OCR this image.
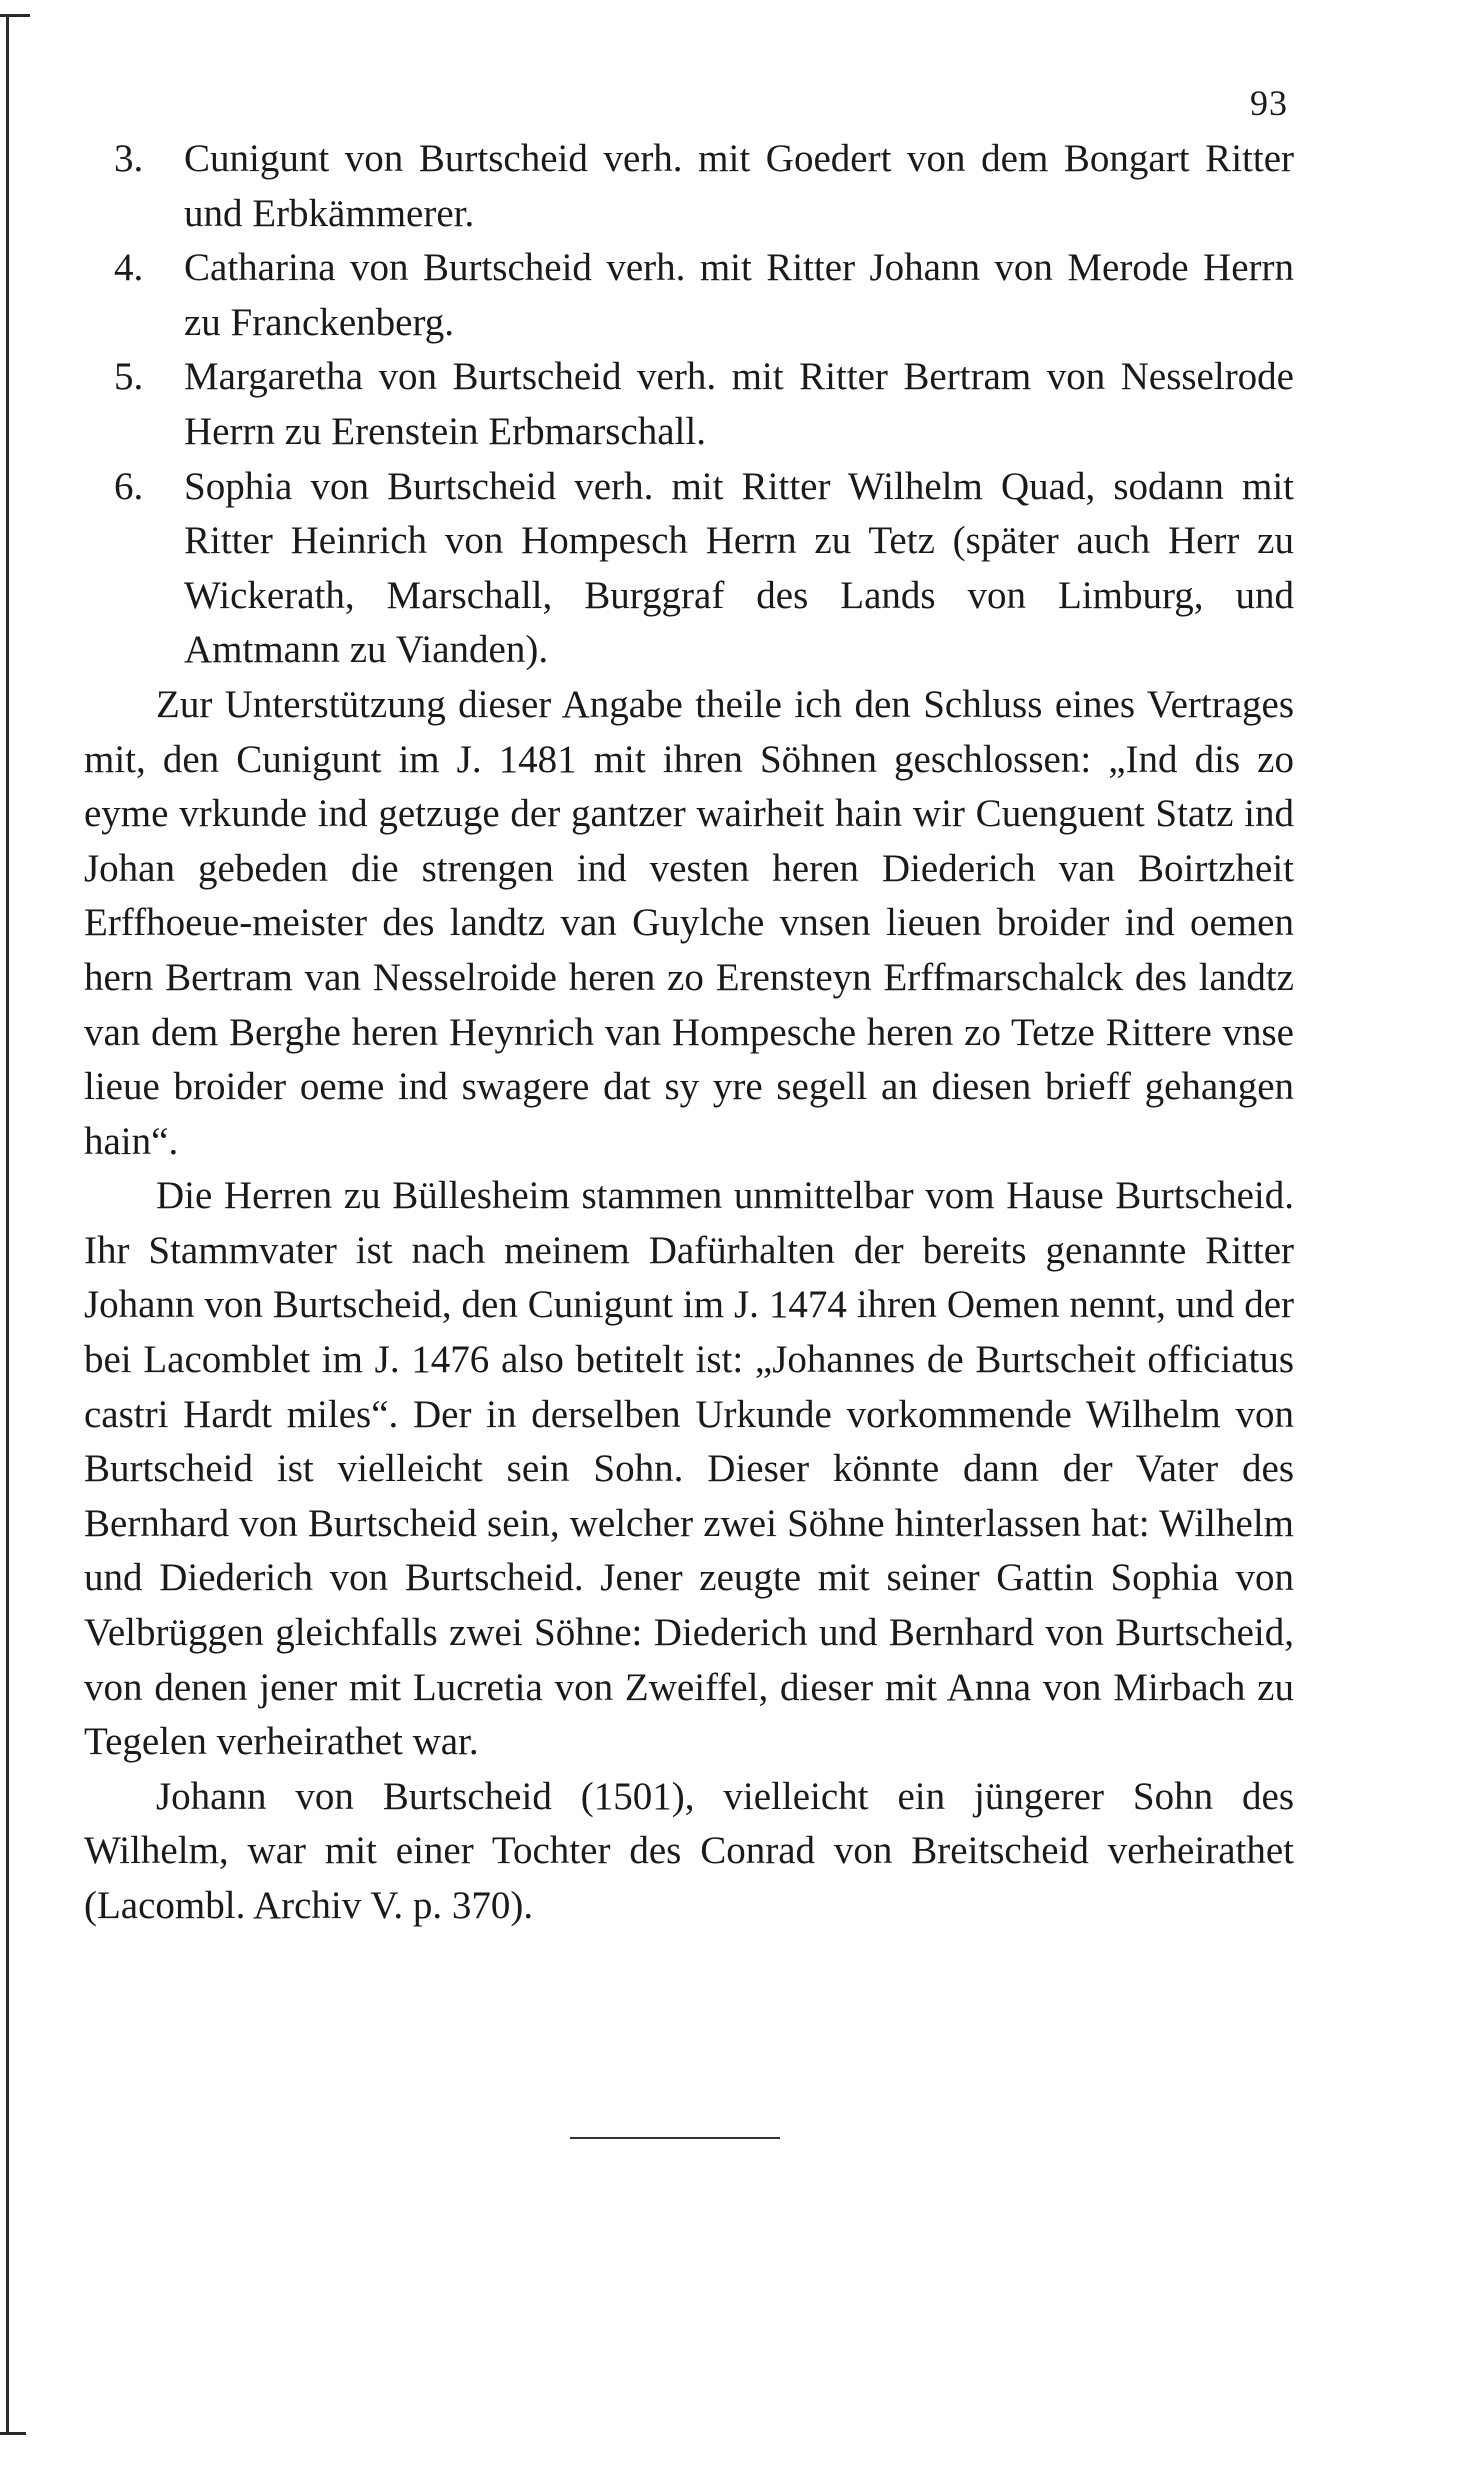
93
3. Cunigunt von Burtscheid verh. mit Goedert von dem Bongart Ritter und Erbkämmerer.
4. Catharina von Burtscheid verh. mit Ritter Johann von Merode Herrn zu Franckenberg.
5. Margaretha von Burtscheid verh. mit Ritter Bertram von Nesselrode Herrn zu Erenstein Erbmarschall.
6. Sophia von Burtscheid verh. mit Ritter Wilhelm Quad, sodann mit Ritter Heinrich von Hompesch Herrn zu Tetz (später auch Herr zu Wickerath, Marschall, Burggraf des Lands von Limburg, und Amtmann zu Vianden).

Zur Unterstützung dieser Angabe theile ich den Schluss eines Vertrages mit, den Cunigunt im J. 1481 mit ihren Söhnen geschlossen: „Ind dis zo eyme vrkunde ind getzuge der gantzer wairheit hain wir Cuenguent Statz ind Johan gebeden die strengen ind vesten heren Diederich van Boirtzheit Erffhoeue-meister des landtz van Guylche vnsen lieuen broider ind oemen hern Bertram van Nesselroide heren zo Erensteyn Erffmarschalck des landtz van dem Berghe heren Heynrich van Hompesche heren zo Tetze Rittere vnse lieue broider oeme ind swagere dat sy yre segell an diesen brieff gehangen hain“.

Die Herren zu Büllesheim stammen unmittelbar vom Hause Burtscheid. Ihr Stammvater ist nach meinem Dafürhalten der bereits genannte Ritter Johann von Burtscheid, den Cunigunt im J. 1474 ihren Oemen nennt, und der bei Lacomblet im J. 1476 also betitelt ist: „Johannes de Burtscheit officiatus castri Hardt miles“. Der in derselben Urkunde vorkommende Wilhelm von Burtscheid ist vielleicht sein Sohn. Dieser könnte dann der Vater des Bernhard von Burtscheid sein, welcher zwei Söhne hinterlassen hat: Wilhelm und Diederich von Burtscheid. Jener zeugte mit seiner Gattin Sophia von Velbrüggen gleichfalls zwei Söhne: Diederich und Bernhard von Burtscheid, von denen jener mit Lucretia von Zweiffel, dieser mit Anna von Mirbach zu Tegelen verheirathet war.

Johann von Burtscheid (1501), vielleicht ein jüngerer Sohn des Wilhelm, war mit einer Tochter des Conrad von Breitscheid verheirathet (Lacombl. Archiv V. p. 370).
